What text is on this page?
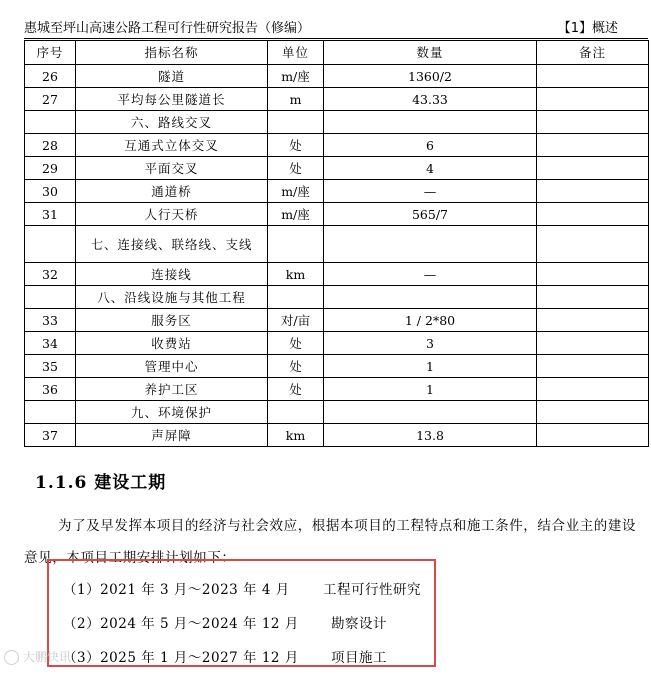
惠城至坪山高速公路工程可行性研究报告（修编）	【1】概述
序号	指标名称	单位	数量	备注
26	隧道	m/座	1360/2	
27	平均每公里隧道长	m	43.33	
	六、路线交叉			
28	互通式立体交叉	处	6	
29	平面交叉	处	4	
30	通道桥	m/座	—	
31	人行天桥	m/座	565/7	
	七、连接线、联络线、支线			
32	连接线	km	—	
	八、沿线设施与其他工程			
33	服务区	对/亩	1 / 2*80	
34	收费站	处	3	
35	管理中心	处	1	
36	养护工区	处	1	
	九、环境保护			
37	声屏障	km	13.8	
1.1.6 建设工期

为了及早发挥本项目的经济与社会效应，根据本项目的工程特点和施工条件，结合业主的建设意见，本项目工期安排计划如下：

（1）2021 年 3 月～2023 年 4 月 工程可行性研究
（2）2024 年 5 月～2024 年 12 月 勘察设计
（3）2025 年 1 月～2027 年 12 月 项目施工
大鹏快讯
